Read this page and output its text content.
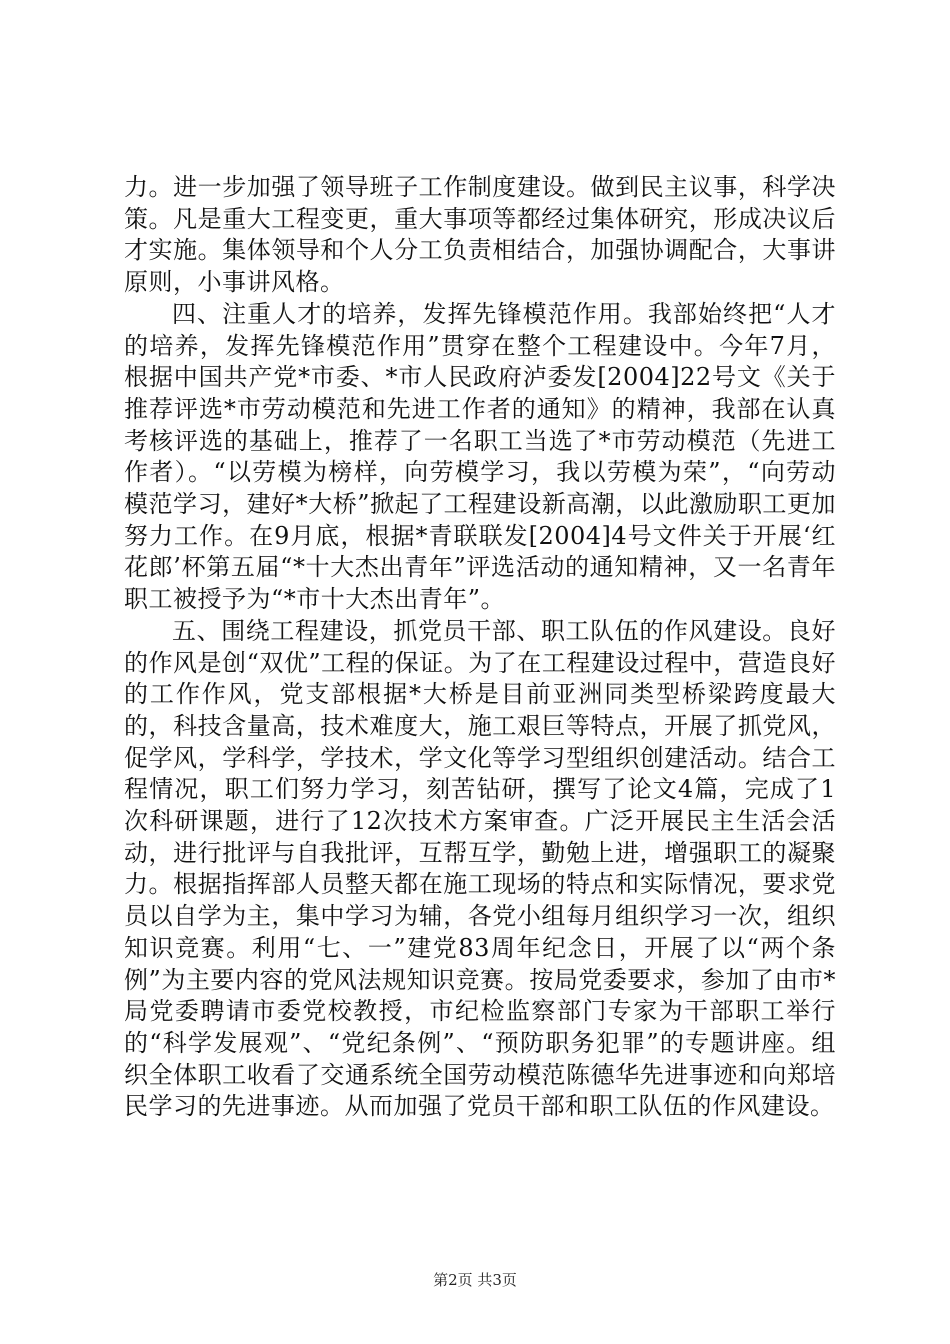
力。进一步加强了领导班子工作制度建设。做到民主议事，科学决策。凡是重大工程变更，重大事项等都经过集体研究，形成决议后才实施。集体领导和个人分工负责相结合，加强协调配合，大事讲原则，小事讲风格。

四、注重人才的培养，发挥先锋模范作用。我部始终把“人才的培养，发挥先锋模范作用”贯穿在整个工程建设中。今年7月，根据中国共产党*市委、*市人民政府泸委发[2004]22号文《关于推荐评选*市劳动模范和先进工作者的通知》的精神，我部在认真考核评选的基础上，推荐了一名职工当选了*市劳动模范（先进工作者）。“以劳模为榜样，向劳模学习，我以劳模为荣”，“向劳动模范学习，建好*大桥”掀起了工程建设新高潮，以此激励职工更加努力工作。在9月底，根据*青联联发[2004]4号文件关于开展‘红花郎’杯第五届“*十大杰出青年”评选活动的通知精神，又一名青年职工被授予为“*市十大杰出青年”。

五、围绕工程建设，抓党员干部、职工队伍的作风建设。良好的作风是创“双优”工程的保证。为了在工程建设过程中，营造良好的工作作风，党支部根据*大桥是目前亚洲同类型桥梁跨度最大的，科技含量高，技术难度大，施工艰巨等特点，开展了抓党风，促学风，学科学，学技术，学文化等学习型组织创建活动。结合工程情况，职工们努力学习，刻苦钻研，撰写了论文4篇，完成了1次科研课题，进行了12次技术方案审查。广泛开展民主生活会活动，进行批评与自我批评，互帮互学，勤勉上进，增强职工的凝聚力。根据指挥部人员整天都在施工现场的特点和实际情况，要求党员以自学为主，集中学习为辅，各党小组每月组织学习一次，组织知识竞赛。利用“七、一”建党83周年纪念日，开展了以“两个条例”为主要内容的党风法规知识竞赛。按局党委要求，参加了由市*局党委聘请市委党校教授，市纪检监察部门专家为干部职工举行的“科学发展观”、“党纪条例”、“预防职务犯罪”的专题讲座。组织全体职工收看了交通系统全国劳动模范陈德华先进事迹和向郑培民学习的先进事迹。从而加强了党员干部和职工队伍的作风建设。

第2页 共3页
